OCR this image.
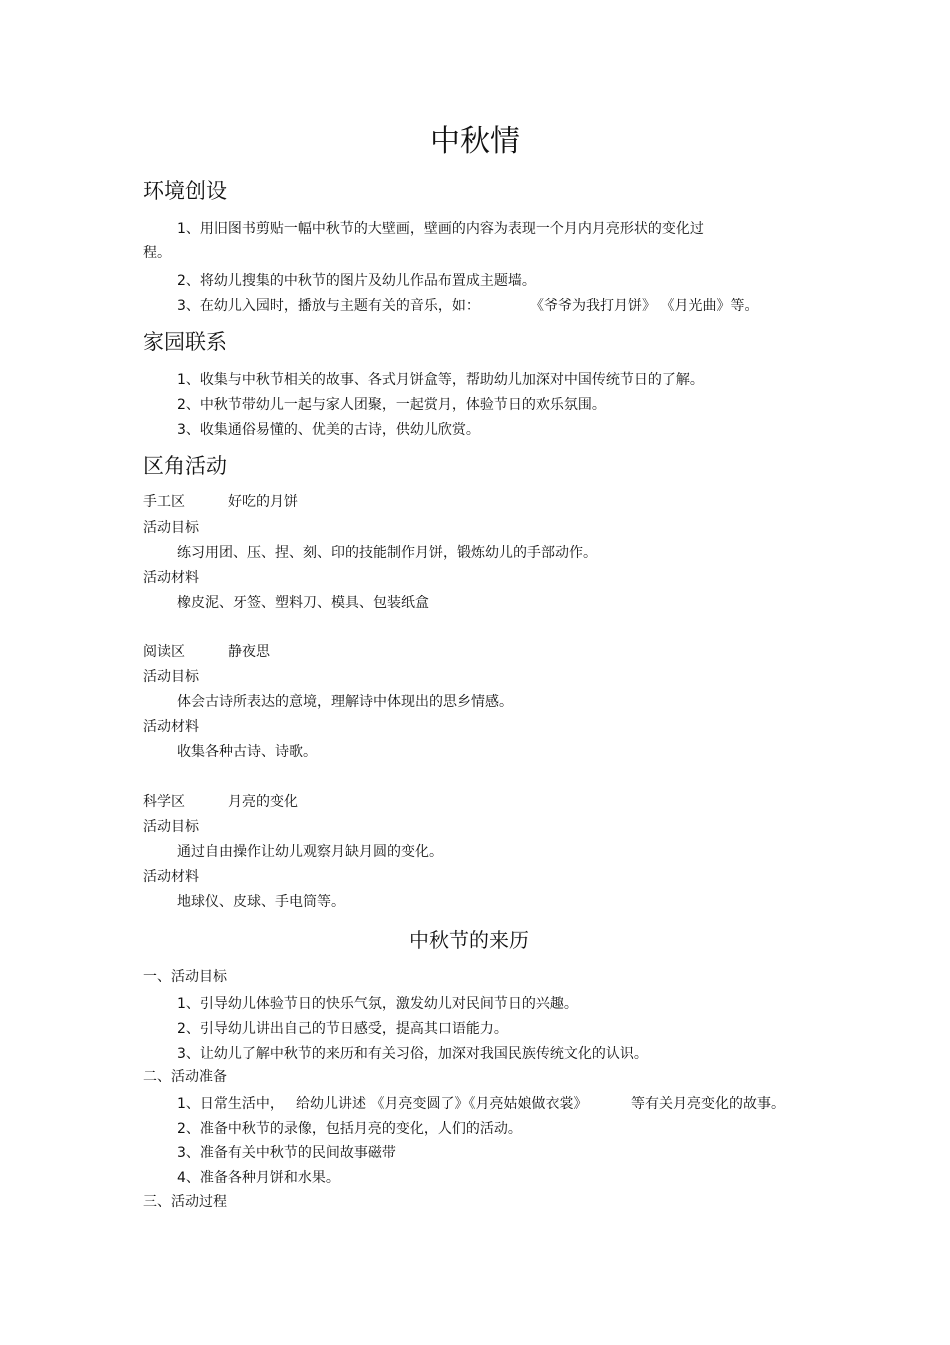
中秋情
环境创设
1、用旧图书剪贴一幅中秋节的大壁画，壁画的内容为表现一个月内月亮形状的变化过
程。
2、将幼儿搜集的中秋节的图片及幼儿作品布置成主题墙。
3、在幼儿入园时，播放与主题有关的音乐，如：	《爷爷为我打月饼》 《月光曲》等。
家园联系
1、收集与中秋节相关的故事、各式月饼盒等，帮助幼儿加深对中国传统节日的了解。
2、中秋节带幼儿一起与家人团聚，一起赏月，体验节日的欢乐氛围。
3、收集通俗易懂的、优美的古诗，供幼儿欣赏。
区角活动
手工区	好吃的月饼
活动目标
练习用团、压、捏、刻、印的技能制作月饼，锻炼幼儿的手部动作。
活动材料
橡皮泥、牙签、塑料刀、模具、包装纸盒
阅读区	静夜思
活动目标
体会古诗所表达的意境，理解诗中体现出的思乡情感。
活动材料
收集各种古诗、诗歌。
科学区	月亮的变化
活动目标
通过自由操作让幼儿观察月缺月圆的变化。
活动材料
地球仪、皮球、手电筒等。
中秋节的来历
一、活动目标
1、引导幼儿体验节日的快乐气氛，激发幼儿对民间节日的兴趣。
2、引导幼儿讲出自己的节日感受，提高其口语能力。
3、让幼儿了解中秋节的来历和有关习俗，加深对我国民族传统文化的认识。
二、活动准备
1、日常生活中， 给幼儿讲述 《月亮变圆了》《月亮姑娘做衣裳》	等有关月亮变化的故事。
2、准备中秋节的录像，包括月亮的变化，人们的活动。
3、准备有关中秋节的民间故事磁带
4、准备各种月饼和水果。
三、活动过程
